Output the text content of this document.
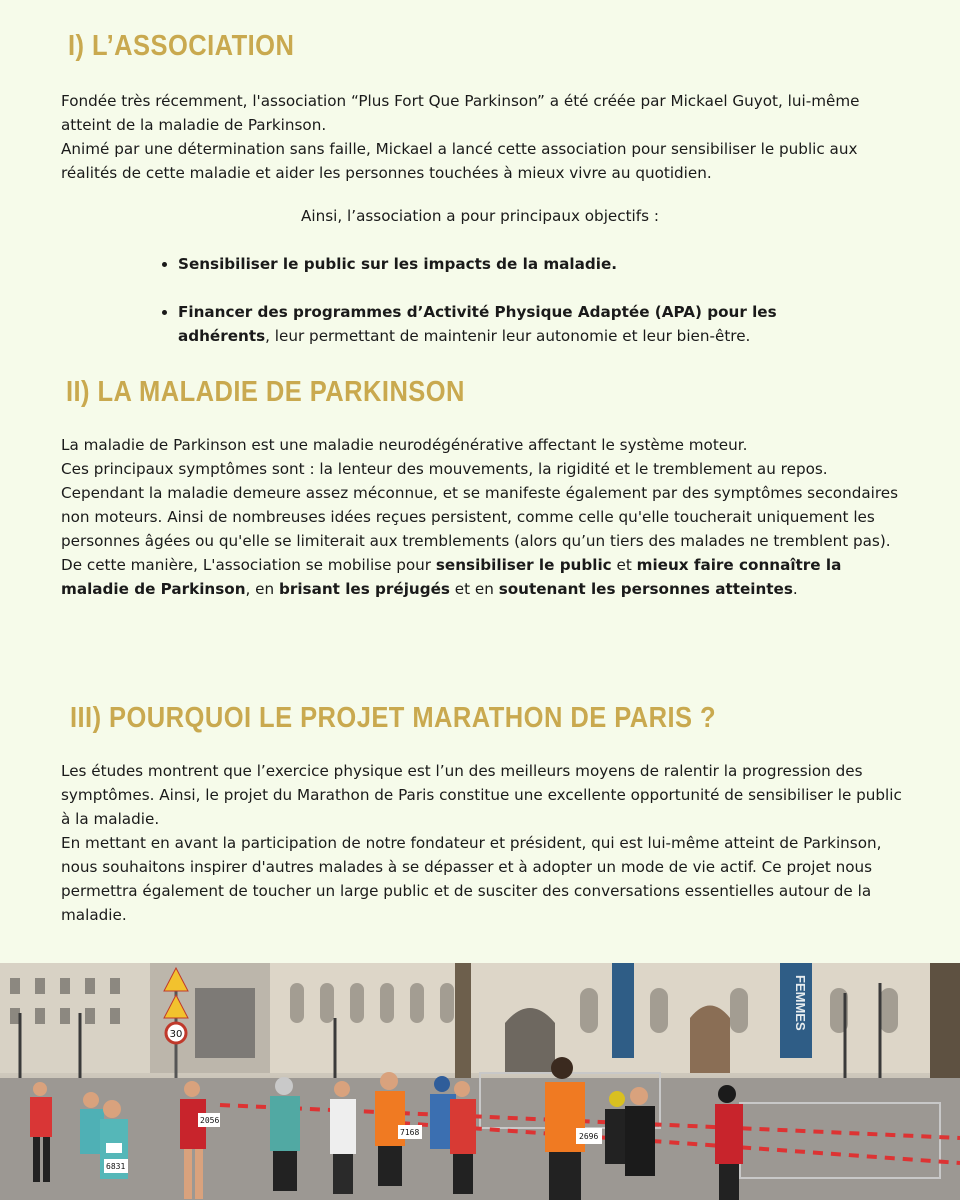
I) L’ASSOCIATION

Fondée très récemment, l'association “Plus Fort Que Parkinson” a été créée par Mickael Guyot, lui-même atteint de la maladie de Parkinson.

Animé par une détermination sans faille, Mickael a lancé cette association pour sensibiliser le public aux réalités de cette maladie et aider les personnes touchées à mieux vivre au quotidien.

Ainsi, l’association a pour principaux objectifs :
Sensibiliser le public sur les impacts de la maladie.
Financer des programmes d’Activité Physique Adaptée (APA) pour les adhérents, leur permettant de maintenir leur autonomie et leur bien-être.
II) LA MALADIE DE PARKINSON

La maladie de Parkinson est une maladie neurodégénérative affectant le système moteur.

Ces principaux symptômes sont : la lenteur des mouvements, la rigidité et le tremblement au repos.

Cependant la maladie demeure assez méconnue, et se manifeste également par des symptômes secondaires non moteurs. Ainsi de nombreuses idées reçues persistent, comme celle qu'elle toucherait uniquement les personnes âgées ou qu'elle se limiterait aux tremblements (alors qu’un tiers des malades ne tremblent pas).

De cette manière, L'association se mobilise pour sensibiliser le public et mieux faire connaître la maladie de Parkinson, en brisant les préjugés et en soutenant les personnes atteintes.

III) POURQUOI LE PROJET MARATHON DE PARIS ?

Les études montrent que l’exercice physique est l’un des meilleurs moyens de ralentir la progression des symptômes. Ainsi, le projet du Marathon de Paris constitue une excellente opportunité de sensibiliser le public à la maladie.

En mettant en avant la participation de notre fondateur et président, qui est lui-même atteint de Parkinson, nous souhaitons inspirer d'autres malades à se dépasser et à adopter un mode de vie actif. Ce projet nous permettra également de toucher un large public et de susciter des conversations essentielles autour de la maladie.

FEMMES
30
2056
7168	2696
6831
